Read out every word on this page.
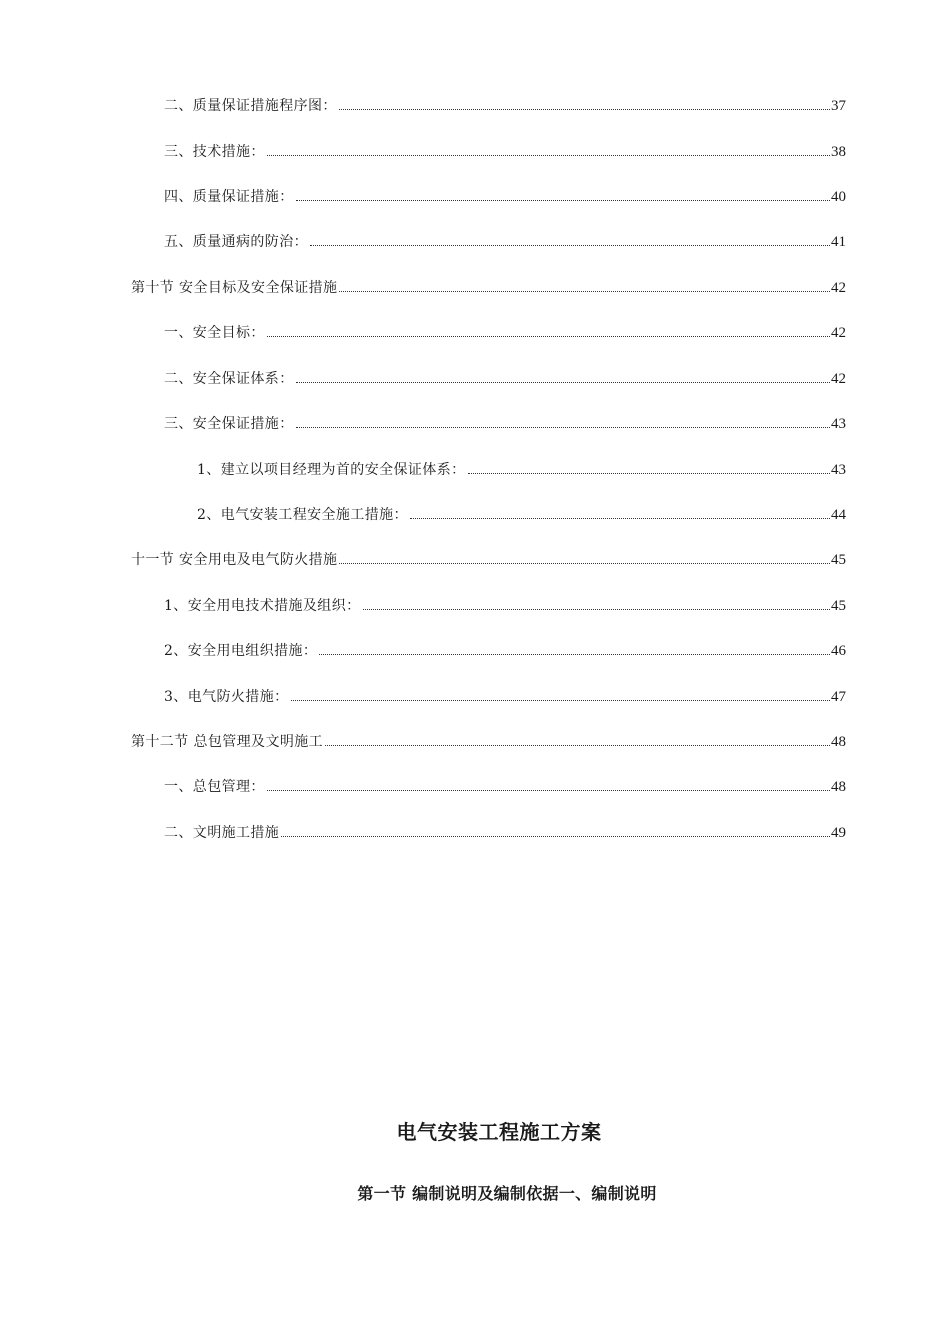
二、质量保证措施程序图：	37
三、技术措施：	38
四、质量保证措施：	40
五、质量通病的防治：	41
第十节 安全目标及安全保证措施	42
一、安全目标：	42
二、安全保证体系：	42
三、安全保证措施：	43
1、建立以项目经理为首的安全保证体系：	43
2、电气安装工程安全施工措施：	44
十一节 安全用电及电气防火措施	45
1、安全用电技术措施及组织：	45
2、安全用电组织措施：	46
3、电气防火措施：	47
第十二节 总包管理及文明施工	48
一、总包管理：	48
二、文明施工措施	49
电气安装工程施工方案
第一节 编制说明及编制依据一、编制说明
